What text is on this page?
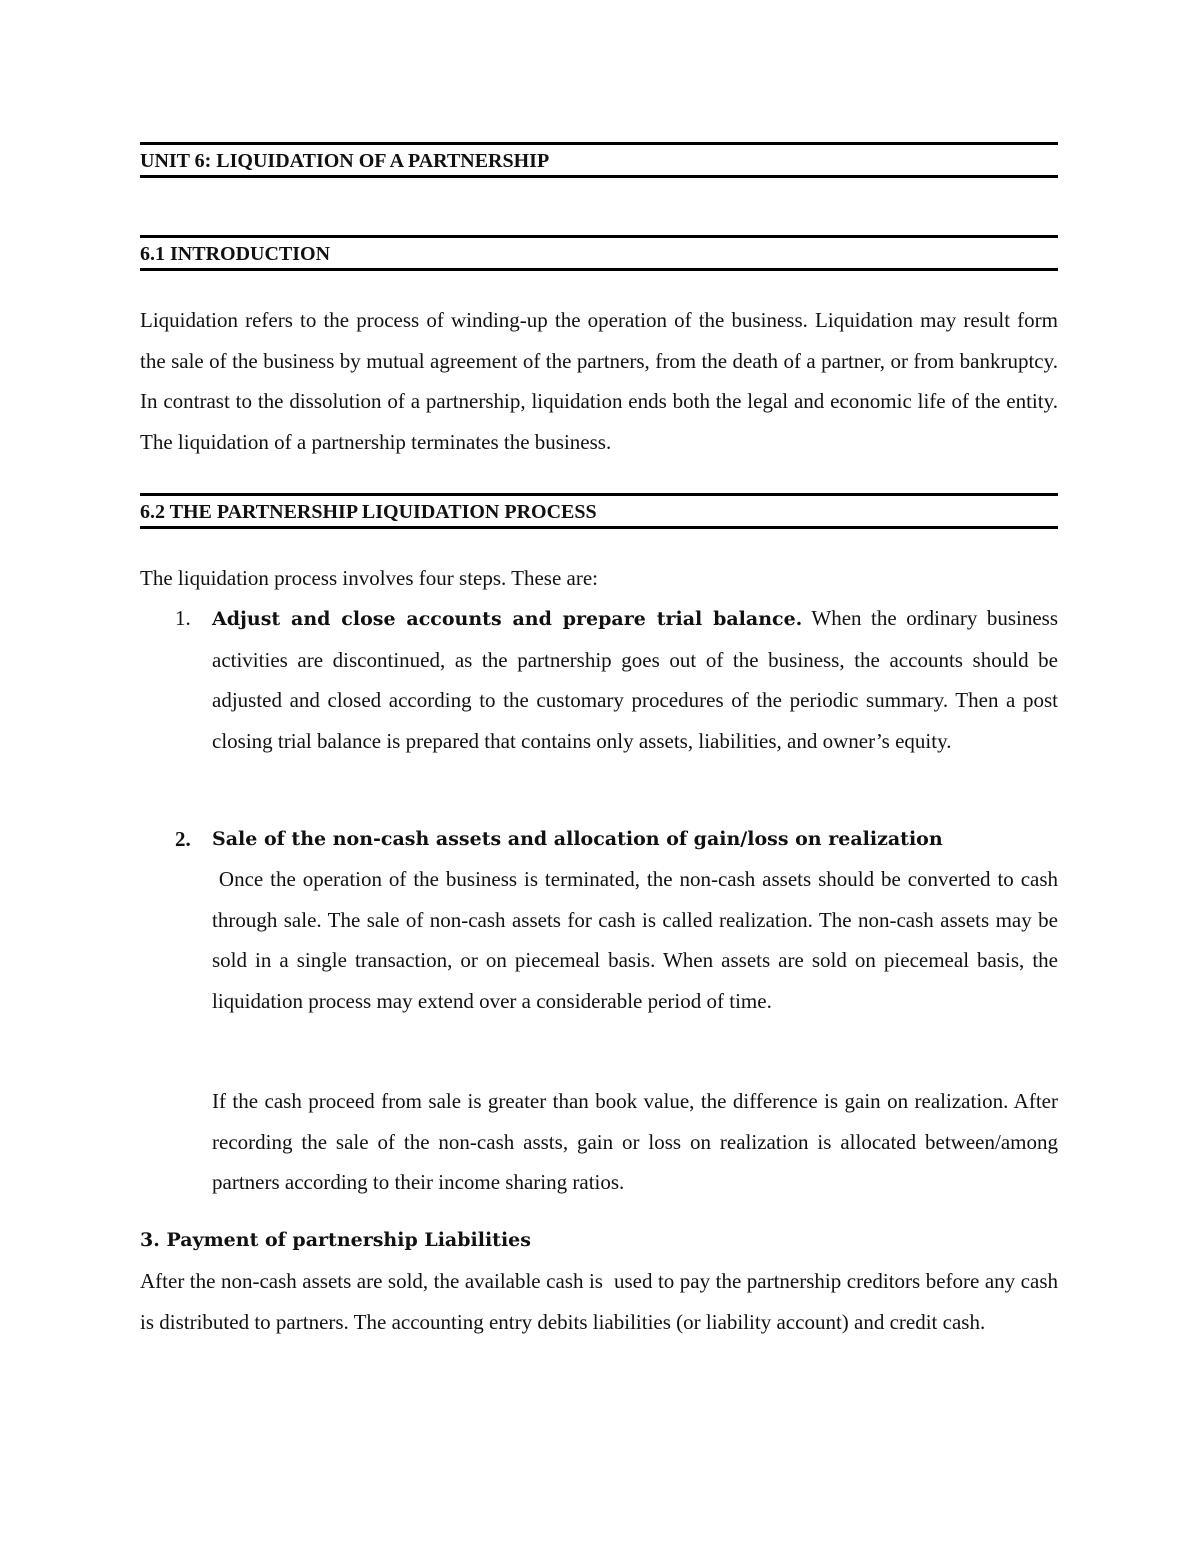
UNIT 6: LIQUIDATION OF A PARTNERSHIP
6.1 INTRODUCTION

Liquidation refers to the process of winding-up the operation of the business. Liquidation may result form the sale of the business by mutual agreement of the partners, from the death of a partner, or from bankruptcy. In contrast to the dissolution of a partnership, liquidation ends both the legal and economic life of the entity. The liquidation of a partnership terminates the business.

6.2 THE PARTNERSHIP LIQUIDATION PROCESS

The liquidation process involves four steps. These are:

1. Adjust and close accounts and prepare trial balance. When the ordinary business activities are discontinued, as the partnership goes out of the business, the accounts should be adjusted and closed according to the customary procedures of the periodic summary. Then a post closing trial balance is prepared that contains only assets, liabilities, and owner’s equity.

2. Sale of the non-cash assets and allocation of gain/loss on realization

Once the operation of the business is terminated, the non-cash assets should be converted to cash through sale. The sale of non-cash assets for cash is called realization. The non-cash assets may be sold in a single transaction, or on piecemeal basis. When assets are sold on piecemeal basis, the liquidation process may extend over a considerable period of time.

If the cash proceed from sale is greater than book value, the difference is gain on realization. After recording the sale of the non-cash assts, gain or loss on realization is allocated between/among partners according to their income sharing ratios.

3. Payment of partnership Liabilities

After the non-cash assets are sold, the available cash is  used to pay the partnership creditors before any cash is distributed to partners. The accounting entry debits liabilities (or liability account) and credit cash.
